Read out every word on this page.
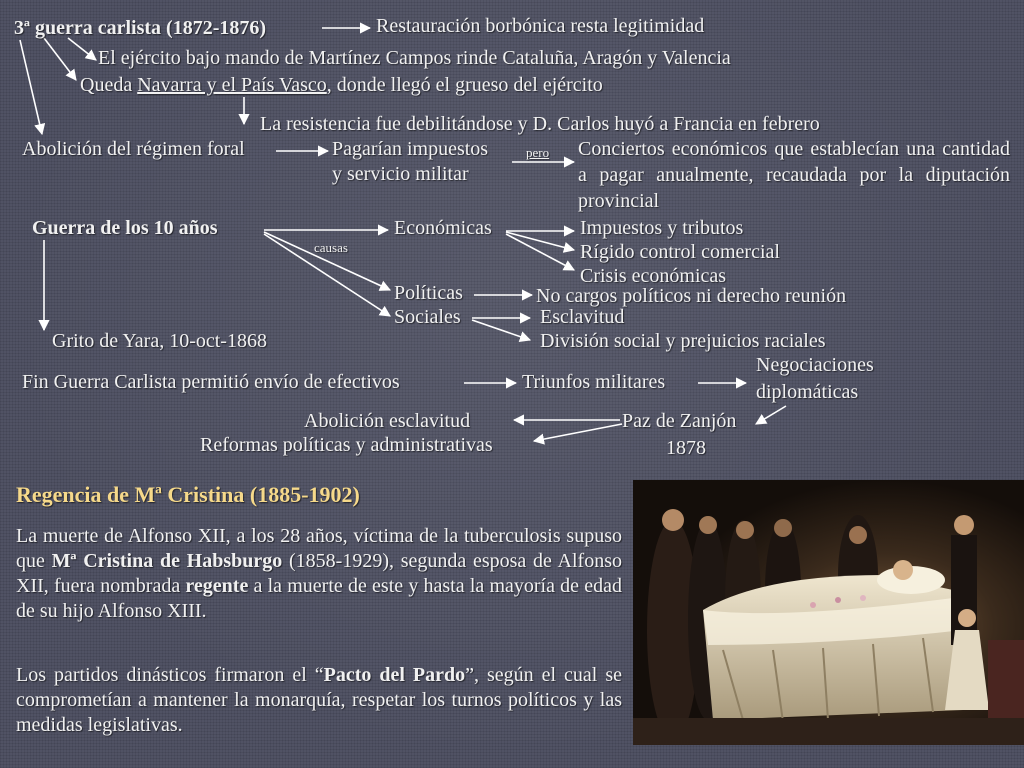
3ª guerra carlista (1872-1876)	Restauración borbónica resta legitimidad
El ejército bajo mando de Martínez Campos rinde Cataluña, Aragón y Valencia
Queda Navarra y el País Vasco, donde llegó el grueso del ejército
La resistencia fue debilitándose y D. Carlos huyó a Francia en febrero
Abolición del régimen foral	Pagarían impuestos
y servicio militar
pero Conciertos económicos que establecían una cantidad a pagar anualmente, recaudada por la diputación provincial
Guerra de los 10 años
causas
Económicas	Impuestos y tributos
Rígido control comercial
Crisis económicas
Políticas	No cargos políticos ni derecho reunión
Sociales	Esclavitud
División social y prejuicios raciales
Grito de Yara, 10-oct-1868
Negociaciones
diplomáticas
Fin Guerra Carlista permitió envío de efectivos	Triunfos militares
Abolición esclavitud
Reformas políticas y administrativas
Paz de Zanjón
1878
Regencia de Mª Cristina (1885-1902)
La muerte de Alfonso XII, a los 28 años, víctima de la tuberculosis supuso que Mª Cristina de Habsburgo (1858-1929), segunda esposa de Alfonso XII, fuera nombrada regente a la muerte de este y hasta la mayoría de edad de su hijo Alfonso XIII.
Los partidos dinásticos firmaron el “Pacto del Pardo”, según el cual se comprometían a mantener la monarquía, respetar los turnos políticos y las medidas legislativas.
